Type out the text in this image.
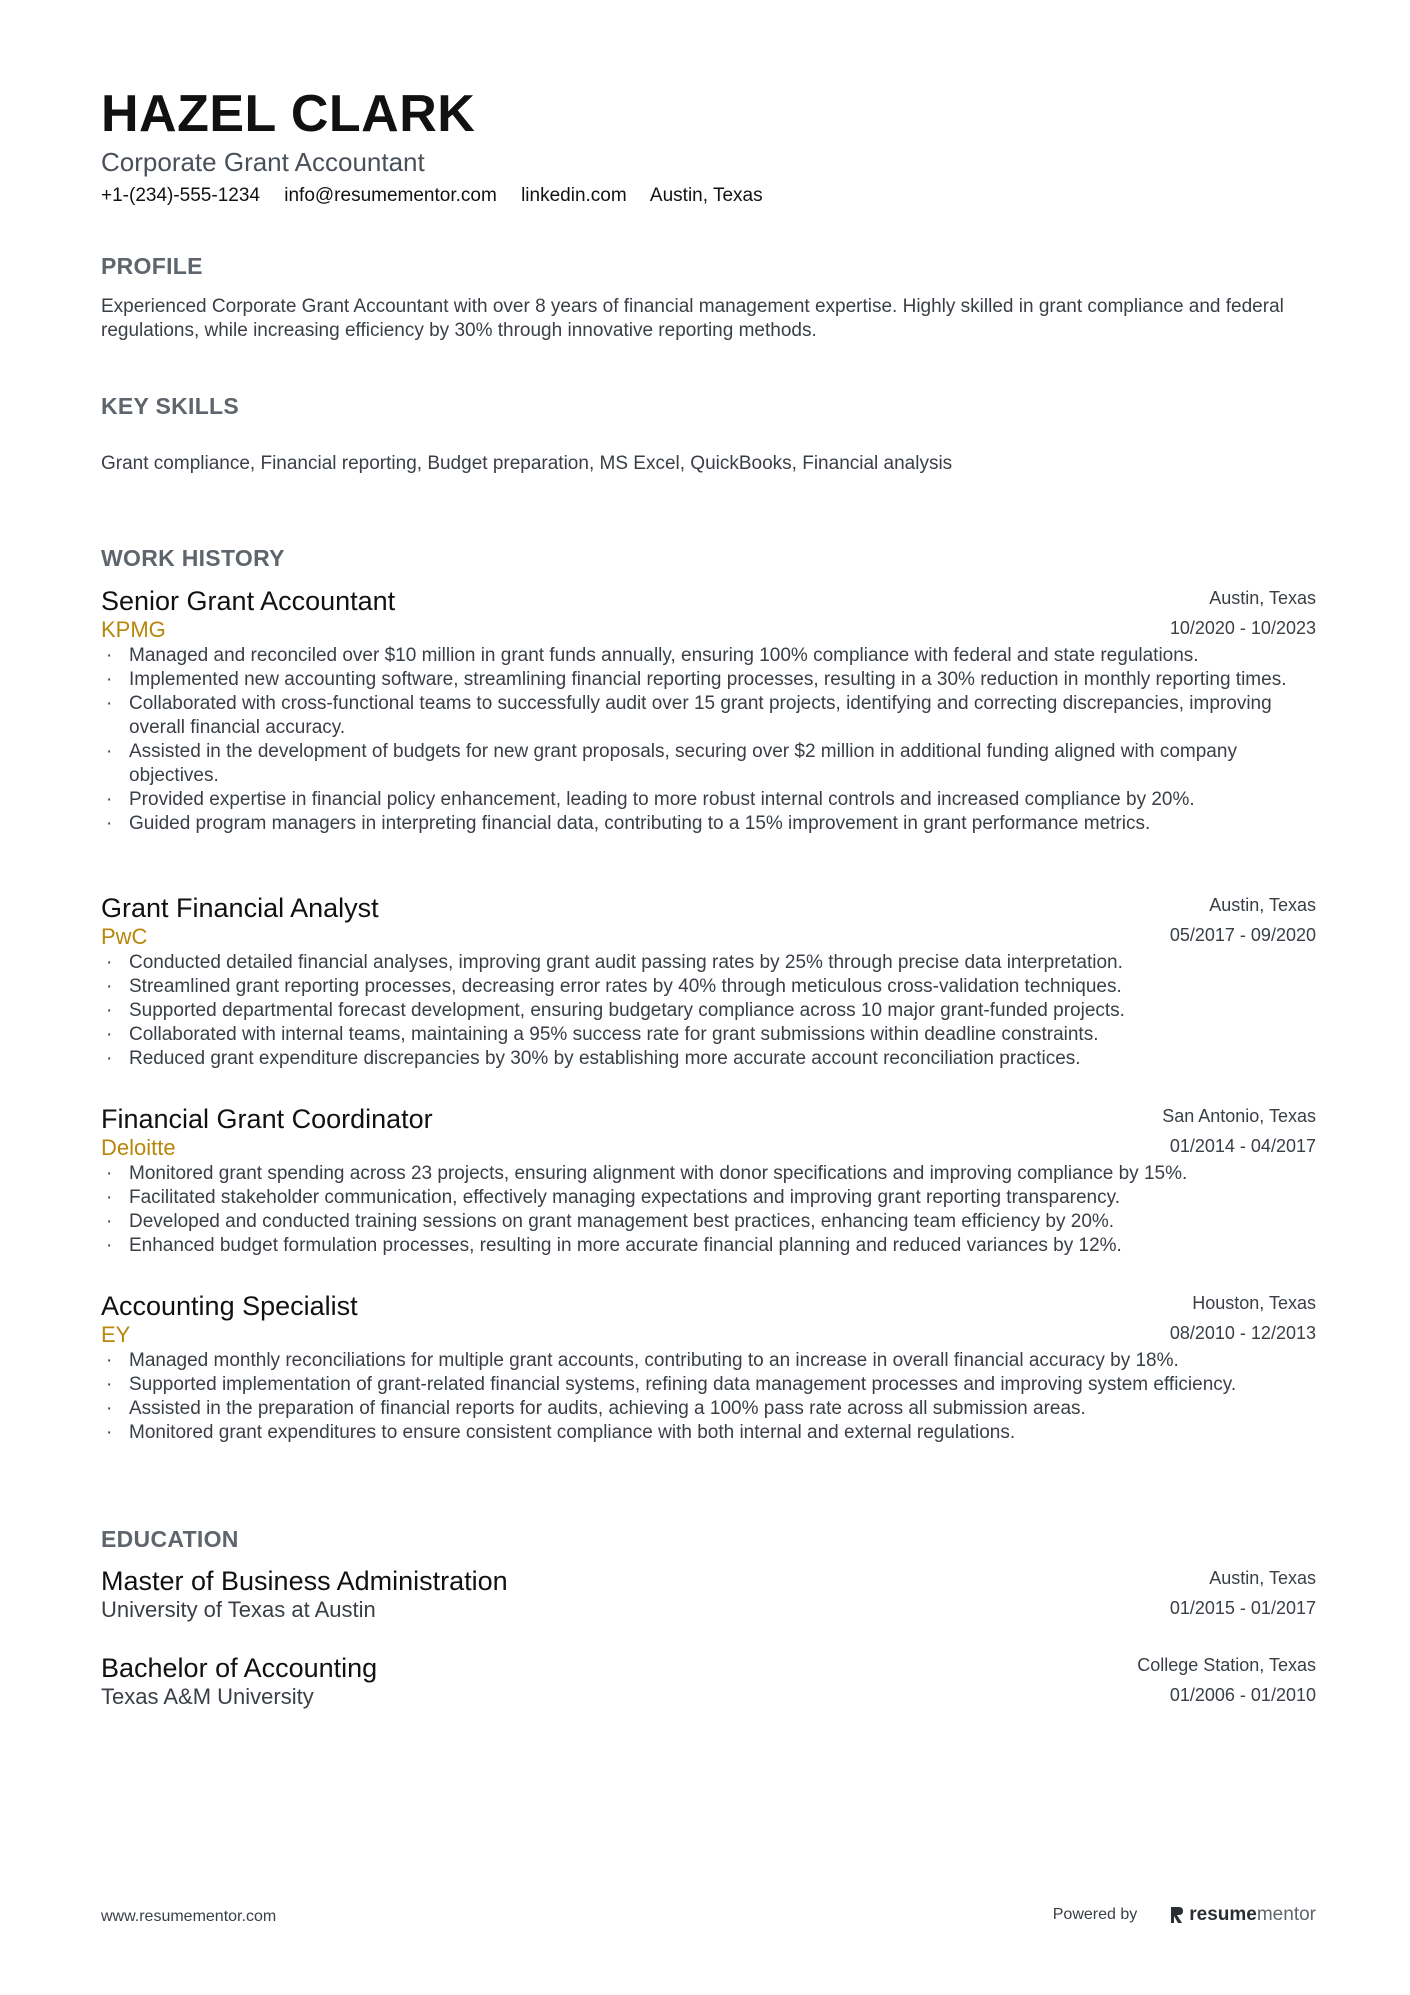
HAZEL CLARK
Corporate Grant Accountant
+1-(234)-555-1234 info@resumementor.com linkedin.com Austin, Texas
PROFILE
Experienced Corporate Grant Accountant with over 8 years of financial management expertise. Highly skilled in grant compliance and federal regulations, while increasing efficiency by 30% through innovative reporting methods.
KEY SKILLS
Grant compliance, Financial reporting, Budget preparation, MS Excel, QuickBooks, Financial analysis
WORK HISTORY
Senior Grant Accountant
KPMG
Austin, Texas
10/2020 - 10/2023
· Managed and reconciled over $10 million in grant funds annually, ensuring 100% compliance with federal and state regulations.
· Implemented new accounting software, streamlining financial reporting processes, resulting in a 30% reduction in monthly reporting times.
· Collaborated with cross-functional teams to successfully audit over 15 grant projects, identifying and correcting discrepancies, improving overall financial accuracy.
· Assisted in the development of budgets for new grant proposals, securing over $2 million in additional funding aligned with company objectives.
· Provided expertise in financial policy enhancement, leading to more robust internal controls and increased compliance by 20%.
· Guided program managers in interpreting financial data, contributing to a 15% improvement in grant performance metrics.
Grant Financial Analyst
PwC
Austin, Texas
05/2017 - 09/2020
· Conducted detailed financial analyses, improving grant audit passing rates by 25% through precise data interpretation.
· Streamlined grant reporting processes, decreasing error rates by 40% through meticulous cross-validation techniques.
· Supported departmental forecast development, ensuring budgetary compliance across 10 major grant-funded projects.
· Collaborated with internal teams, maintaining a 95% success rate for grant submissions within deadline constraints.
· Reduced grant expenditure discrepancies by 30% by establishing more accurate account reconciliation practices.
Financial Grant Coordinator
Deloitte
San Antonio, Texas
01/2014 - 04/2017
· Monitored grant spending across 23 projects, ensuring alignment with donor specifications and improving compliance by 15%.
· Facilitated stakeholder communication, effectively managing expectations and improving grant reporting transparency.
· Developed and conducted training sessions on grant management best practices, enhancing team efficiency by 20%.
· Enhanced budget formulation processes, resulting in more accurate financial planning and reduced variances by 12%.
Accounting Specialist
EY
Houston, Texas
08/2010 - 12/2013
· Managed monthly reconciliations for multiple grant accounts, contributing to an increase in overall financial accuracy by 18%.
· Supported implementation of grant-related financial systems, refining data management processes and improving system efficiency.
· Assisted in the preparation of financial reports for audits, achieving a 100% pass rate across all submission areas.
· Monitored grant expenditures to ensure consistent compliance with both internal and external regulations.
EDUCATION
Master of Business Administration
University of Texas at Austin
Austin, Texas
01/2015 - 01/2017
Bachelor of Accounting
Texas A&M University
College Station, Texas
01/2006 - 01/2010
www.resumementor.com	Powered by	resume mentor
